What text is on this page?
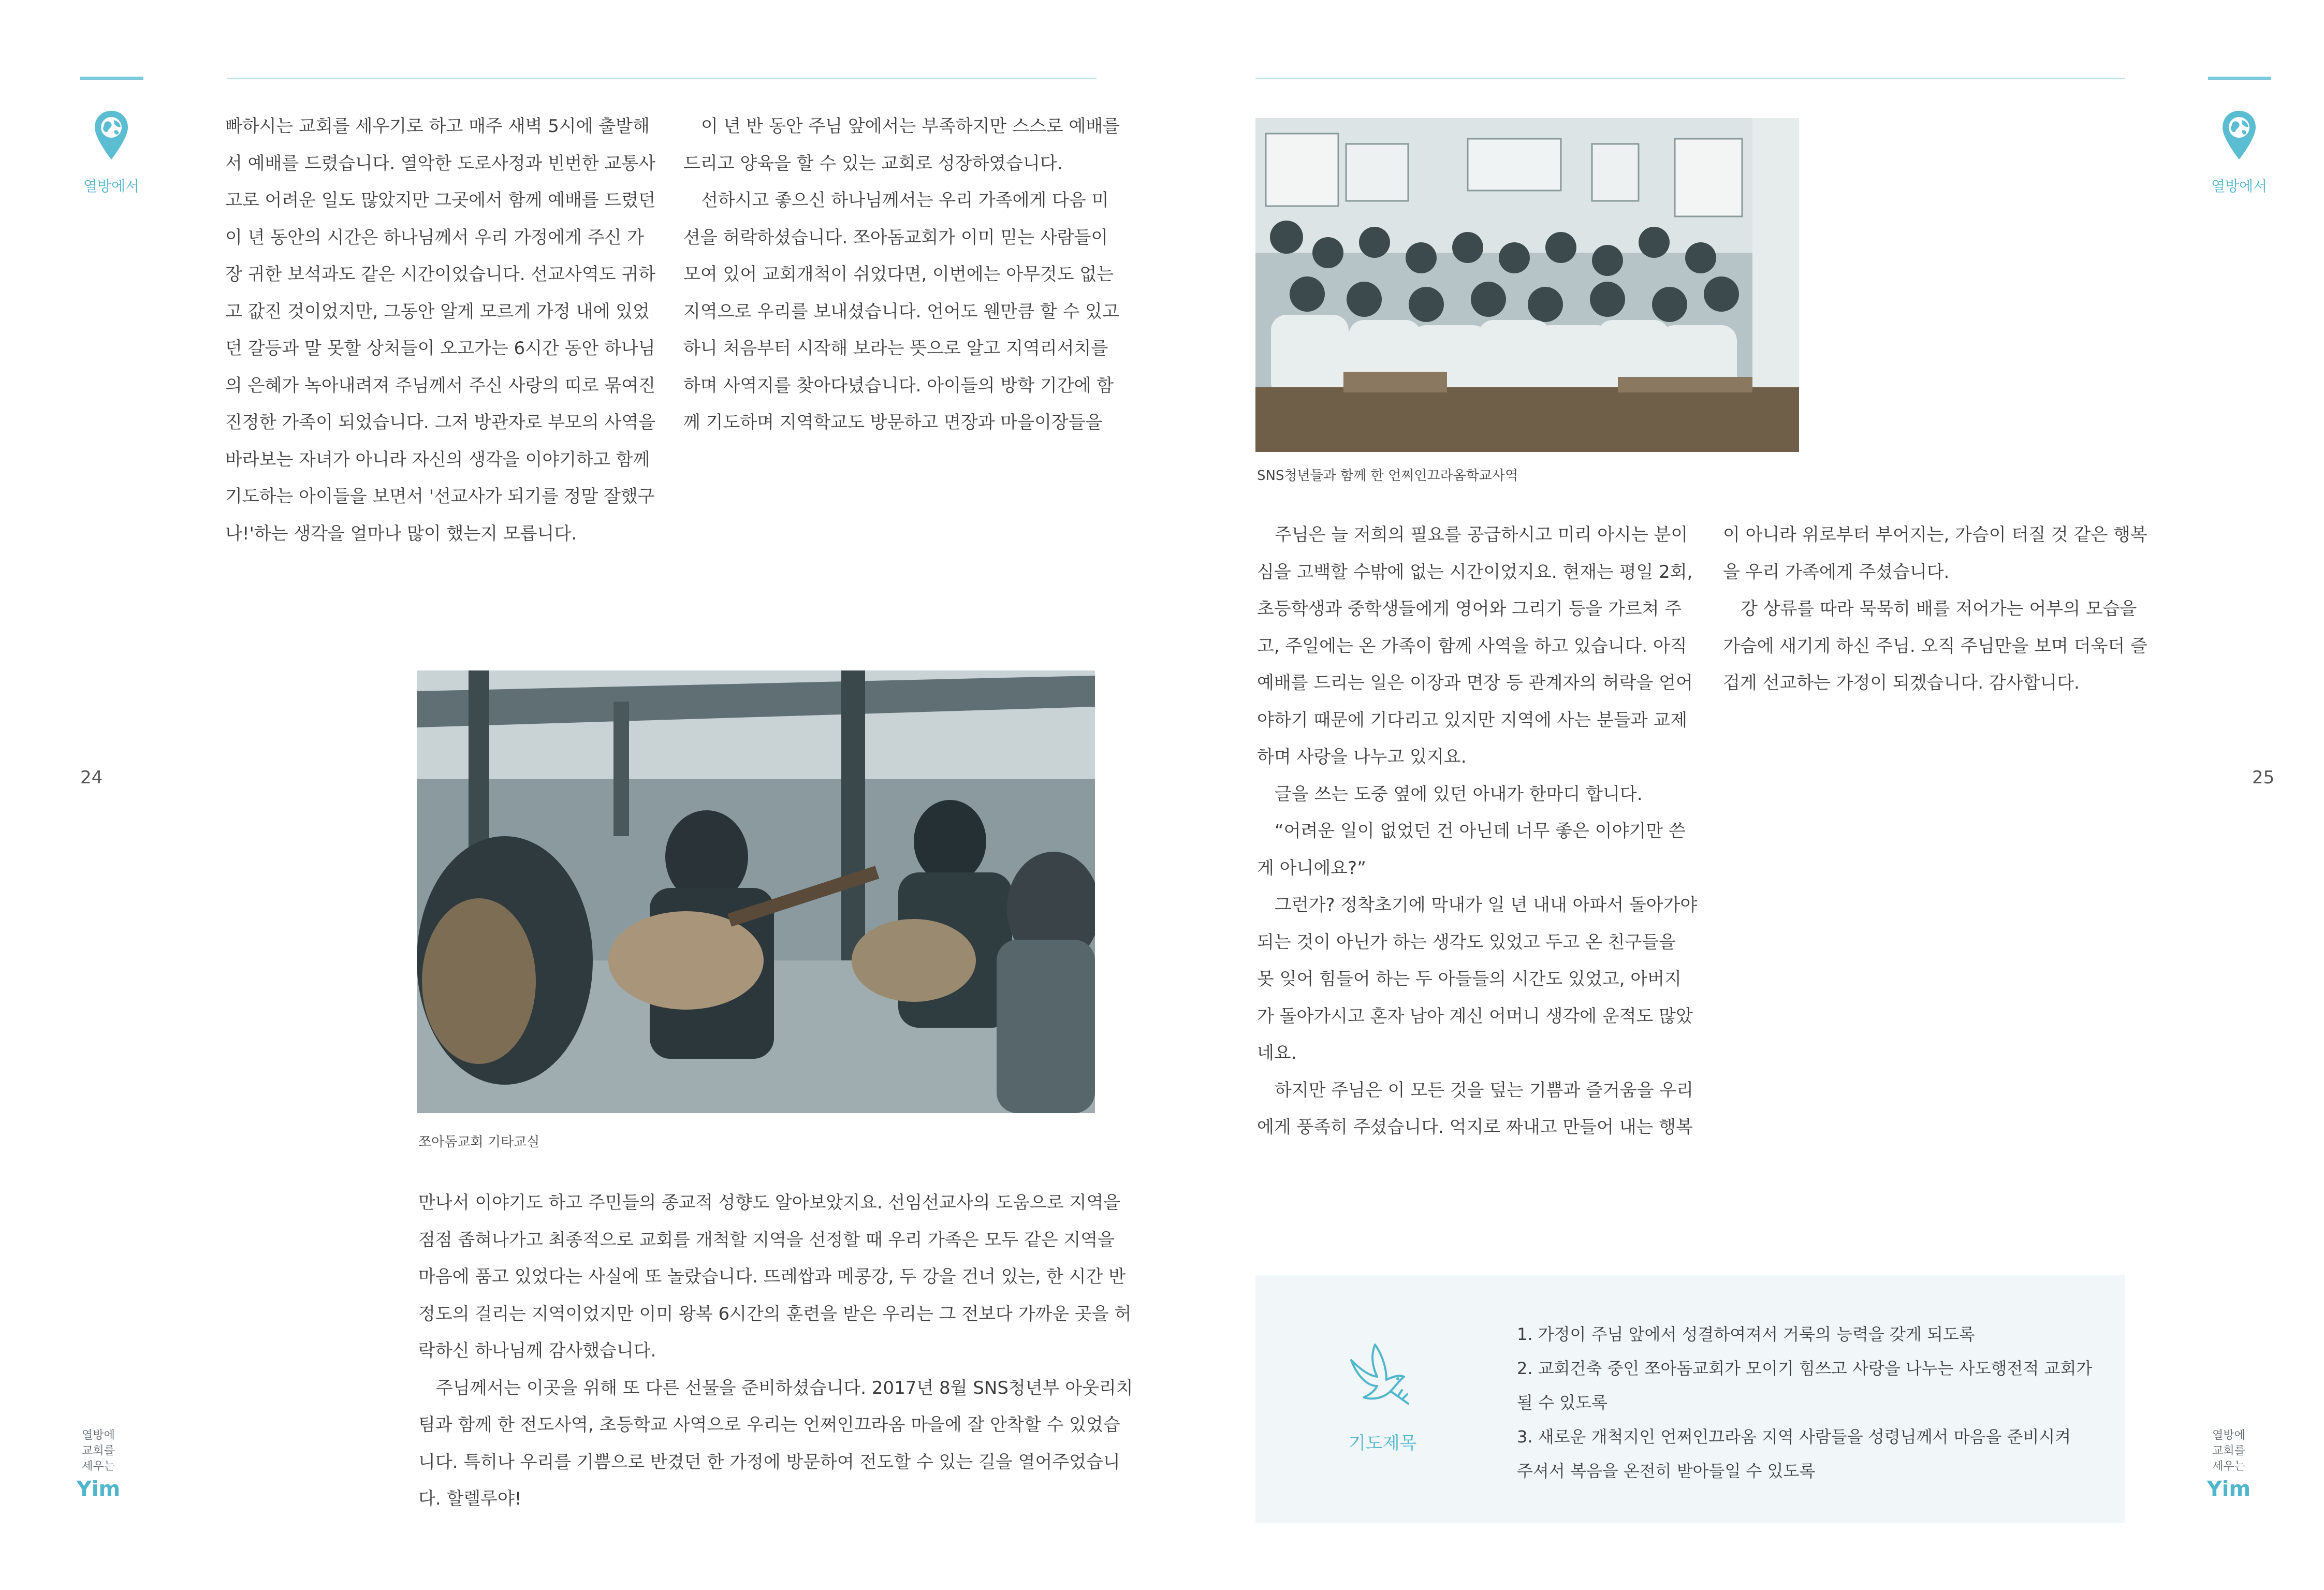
열방에서

빠하시는 교회를 세우기로 하고 매주 새벽 5시에 출발해

서 예배를 드렸습니다. 열악한 도로사정과 빈번한 교통사

고로 어려운 일도 많았지만 그곳에서 함께 예배를 드렸던

이 년 동안의 시간은 하나님께서 우리 가정에게 주신 가

장 귀한 보석과도 같은 시간이었습니다. 선교사역도 귀하

고 값진 것이었지만, 그동안 알게 모르게 가정 내에 있었

던 갈등과 말 못할 상처들이 오고가는 6시간 동안 하나님

의 은혜가 녹아내려져 주님께서 주신 사랑의 띠로 묶여진

진정한 가족이 되었습니다. 그저 방관자로 부모의 사역을

바라보는 자녀가 아니라 자신의 생각을 이야기하고 함께

기도하는 아이들을 보면서 '선교사가 되기를 정말 잘했구

나!'하는 생각을 얼마나 많이 했는지 모릅니다.

　이 년 반 동안 주님 앞에서는 부족하지만 스스로 예배를

드리고 양육을 할 수 있는 교회로 성장하였습니다.

　선하시고 좋으신 하나님께서는 우리 가족에게 다음 미

션을 허락하셨습니다. 쪼아돔교회가 이미 믿는 사람들이

모여 있어 교회개척이 쉬었다면, 이번에는 아무것도 없는

지역으로 우리를 보내셨습니다. 언어도 웬만큼 할 수 있고

하니 처음부터 시작해 보라는 뜻으로 알고 지역리서치를

하며 사역지를 찾아다녔습니다. 아이들의 방학 기간에 함

께 기도하며 지역학교도 방문하고 면장과 마을이장들을

쪼아돔교회 기타교실

만나서 이야기도 하고 주민들의 종교적 성향도 알아보았지요. 선임선교사의 도움으로 지역을

점점 좁혀나가고 최종적으로 교회를 개척할 지역을 선정할 때 우리 가족은 모두 같은 지역을

마음에 품고 있었다는 사실에 또 놀랐습니다. 뜨레쌉과 메콩강, 두 강을 건너 있는, 한 시간 반

정도의 걸리는 지역이었지만 이미 왕복 6시간의 훈련을 받은 우리는 그 전보다 가까운 곳을 허

락하신 하나님께 감사했습니다.

　주님께서는 이곳을 위해 또 다른 선물을 준비하셨습니다. 2017년 8월 SNS청년부 아웃리치

팀과 함께 한 전도사역, 초등학교 사역으로 우리는 언쩌인끄라옴 마을에 잘 안착할 수 있었습

니다. 특히나 우리를 기쁨으로 반겼던 한 가정에 방문하여 전도할 수 있는 길을 열어주었습니

다. 할렐루야!

24
열방에
교회를
세우는
Yim
열방에서
SNS청년들과 함께 한 언쩌인끄라옴학교사역

　주님은 늘 저희의 필요를 공급하시고 미리 아시는 분이

심을 고백할 수밖에 없는 시간이었지요. 현재는 평일 2회,

초등학생과 중학생들에게 영어와 그리기 등을 가르쳐 주

고, 주일에는 온 가족이 함께 사역을 하고 있습니다. 아직

예배를 드리는 일은 이장과 면장 등 관계자의 허락을 얻어

야하기 때문에 기다리고 있지만 지역에 사는 분들과 교제

하며 사랑을 나누고 있지요.

　글을 쓰는 도중 옆에 있던 아내가 한마디 합니다.

　“어려운 일이 없었던 건 아닌데 너무 좋은 이야기만 쓴

게 아니에요?”

　그런가? 정착초기에 막내가 일 년 내내 아파서 돌아가야

되는 것이 아닌가 하는 생각도 있었고 두고 온 친구들을

못 잊어 힘들어 하는 두 아들들의 시간도 있었고, 아버지

가 돌아가시고 혼자 남아 계신 어머니 생각에 운적도 많았

네요.

　하지만 주님은 이 모든 것을 덮는 기쁨과 즐거움을 우리

에게 풍족히 주셨습니다. 억지로 짜내고 만들어 내는 행복

이 아니라 위로부터 부어지는, 가슴이 터질 것 같은 행복

을 우리 가족에게 주셨습니다.

　강 상류를 따라 묵묵히 배를 저어가는 어부의 모습을

가슴에 새기게 하신 주님. 오직 주님만을 보며 더욱더 즐

겁게 선교하는 가정이 되겠습니다. 감사합니다.

25
기도제목
1. 가정이 주님 앞에서 성결하여져서 거룩의 능력을 갖게 되도록
2. 교회건축 중인 쪼아돔교회가 모이기 힘쓰고 사랑을 나누는 사도행전적 교회가
될 수 있도록
3. 새로운 개척지인 언쩌인끄라옴 지역 사람들을 성령님께서 마음을 준비시켜
주셔서 복음을 온전히 받아들일 수 있도록
열방에
교회를
세우는
Yim
